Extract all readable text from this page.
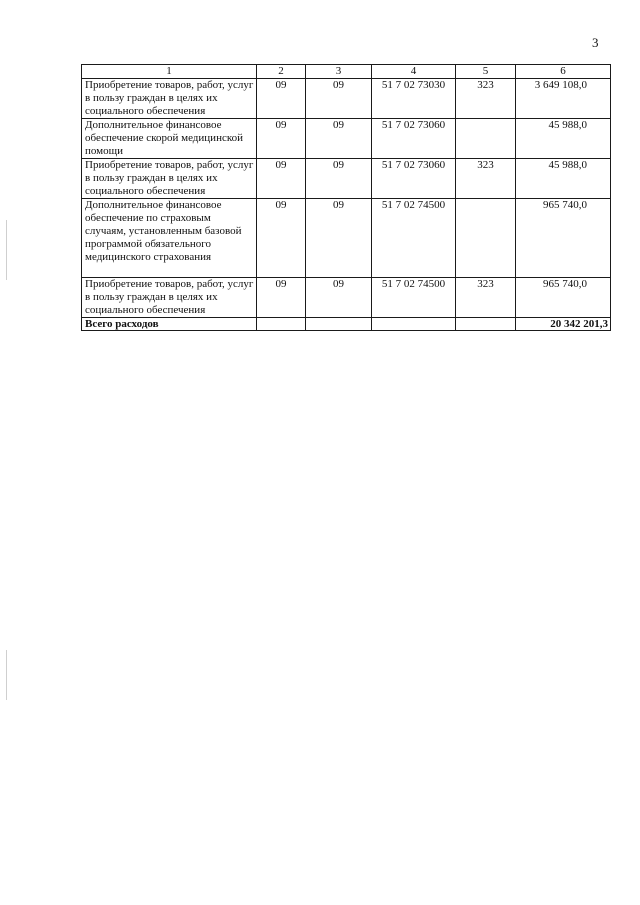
3
1	2	3	4	5	6
Приобретение товаров, работ, услуг в пользу граждан в целях их социального обеспечения	09	09	51 7 02 73030	323	3 649 108,0
Дополнительное финансовое обеспечение скорой медицинской помощи	09	09	51 7 02 73060		45 988,0
Приобретение товаров, работ, услуг в пользу граждан в целях их социального обеспечения	09	09	51 7 02 73060	323	45 988,0
Дополнительное финансовое обеспечение по страховым случаям, установленным базовой программой обязательного медицинского страхования	09	09	51 7 02 74500		965 740,0
Приобретение товаров, работ, услуг в пользу граждан в целях их социального обеспечения	09	09	51 7 02 74500	323	965 740,0
Всего расходов					20 342 201,3
